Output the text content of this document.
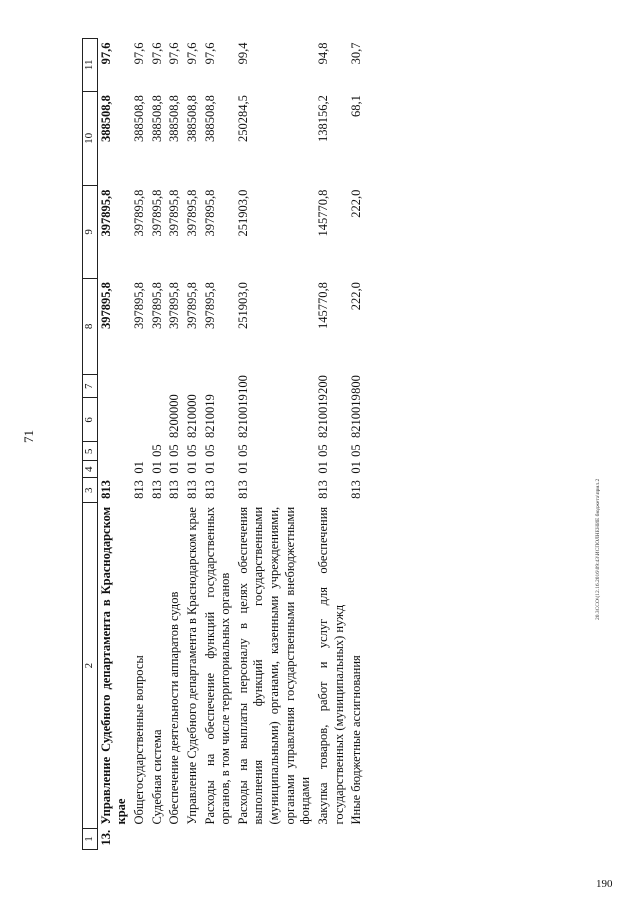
71
20.3ССО\(12.16.2016\09:43\ИСПОЛНЕНИЕ бюджета\прил.2
190
1	2	3	4	5	6	7	8	9	10	11
13.	Управление Судебного департамента в Краснодарском крае	813					397895,8	397895,8	388508,8	97,6
	Общегосударственные вопросы	813	01				397895,8	397895,8	388508,8	97,6
	Судебная система	813	01	05			397895,8	397895,8	388508,8	97,6
	Обеспечение деятельности аппаратов судов	813	01	05	8200000		397895,8	397895,8	388508,8	97,6
	Управление Судебного департамента в Краснодарском крае	813	01	05	8210000		397895,8	397895,8	388508,8	97,6
	Расходы на обеспечение функций государственных органов, в том числе территориальных органов	813	01	05	8210019		397895,8	397895,8	388508,8	97,6
	Расходы на выплаты персоналу в целях обеспечения выполнения функций государственными (муниципальными) органами, казенными учреждениями, органами управления государственными внебюджетными фондами	813	01	05	8210019	100	251903,0	251903,0	250284,5	99,4
	Закупка товаров, работ и услуг для обеспечения государственных (муниципальных) нужд	813	01	05	8210019	200	145770,8	145770,8	138156,2	94,8
	Иные бюджетные ассигнования	813	01	05	8210019	800	222,0	222,0	68,1	30,7
